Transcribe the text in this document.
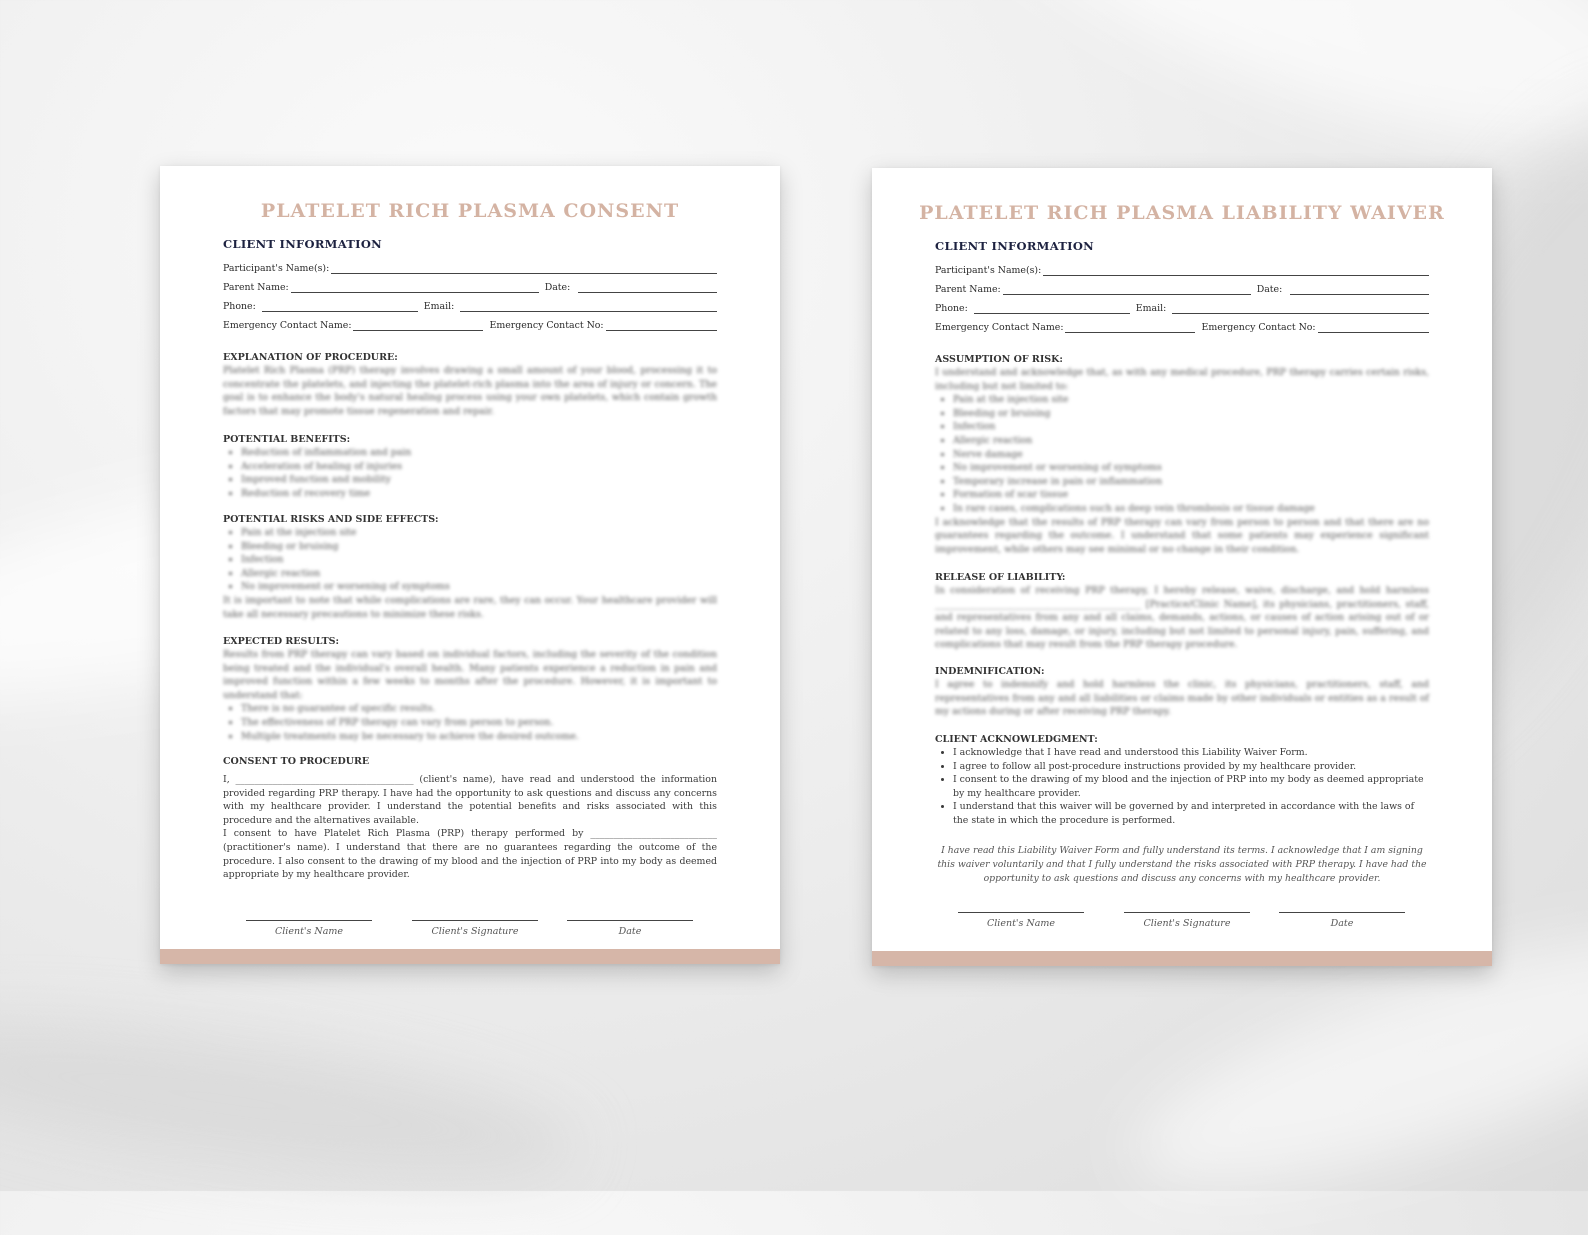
PLATELET RICH PLASMA CONSENT
CLIENT INFORMATION
Participant's Name(s):
Parent Name:	Date:
Phone:	Email:
Emergency Contact Name:	Emergency Contact No:
EXPLANATION OF PROCEDURE:

Platelet Rich Plasma (PRP) therapy involves drawing a small amount of your blood, processing it to concentrate the platelets, and injecting the platelet-rich plasma into the area of injury or concern. The goal is to enhance the body's natural healing process using your own platelets, which contain growth factors that may promote tissue regeneration and repair.

POTENTIAL BENEFITS:
• Reduction of inflammation and pain
• Acceleration of healing of injuries
• Improved function and mobility
• Reduction of recovery time
POTENTIAL RISKS AND SIDE EFFECTS:
• Pain at the injection site
• Bleeding or bruising
• Infection
• Allergic reaction
• No improvement or worsening of symptoms

It is important to note that while complications are rare, they can occur. Your healthcare provider will take all necessary precautions to minimize these risks.

EXPECTED RESULTS:

Results from PRP therapy can vary based on individual factors, including the severity of the condition being treated and the individual's overall health. Many patients experience a reduction in pain and improved function within a few weeks to months after the procedure. However, it is important to understand that:

• There is no guarantee of specific results.
• The effectiveness of PRP therapy can vary from person to person.
• Multiple treatments may be necessary to achieve the desired outcome.
CONSENT TO PROCEDURE

I, ______________________________________ (client's name), have read and understood the information provided regarding PRP therapy. I have had the opportunity to ask questions and discuss any concerns with my healthcare provider. I understand the potential benefits and risks associated with this procedure and the alternatives available.

I consent to have Platelet Rich Plasma (PRP) therapy performed by ___________________________ (practitioner's name). I understand that there are no guarantees regarding the outcome of the procedure. I also consent to the drawing of my blood and the injection of PRP into my body as deemed appropriate by my healthcare provider.

Client's Name	Client's Signature	Date
PLATELET RICH PLASMA LIABILITY WAIVER
CLIENT INFORMATION
Participant's Name(s):
Parent Name:	Date:
Phone:	Email:
Emergency Contact Name:	Emergency Contact No:
ASSUMPTION OF RISK:

I understand and acknowledge that, as with any medical procedure, PRP therapy carries certain risks, including but not limited to:

• Pain at the injection site
• Bleeding or bruising
• Infection
• Allergic reaction
• Nerve damage
• No improvement or worsening of symptoms
• Temporary increase in pain or inflammation
• Formation of scar tissue
• In rare cases, complications such as deep vein thrombosis or tissue damage

I acknowledge that the results of PRP therapy can vary from person to person and that there are no guarantees regarding the outcome. I understand that some patients may experience significant improvement, while others may see minimal or no change in their condition.

RELEASE OF LIABILITY:

In consideration of receiving PRP therapy, I hereby release, waive, discharge, and hold harmless ____________________________________________ [Practice/Clinic Name], its physicians, practitioners, staff, and representatives from any and all claims, demands, actions, or causes of action arising out of or related to any loss, damage, or injury, including but not limited to personal injury, pain, suffering, and complications that may result from the PRP therapy procedure.

INDEMNIFICATION:

I agree to indemnify and hold harmless the clinic, its physicians, practitioners, staff, and representatives from any and all liabilities or claims made by other individuals or entities as a result of my actions during or after receiving PRP therapy.

CLIENT ACKNOWLEDGMENT:
• I acknowledge that I have read and understood this Liability Waiver Form.
• I agree to follow all post-procedure instructions provided by my healthcare provider.
• I consent to the drawing of my blood and the injection of PRP into my body as deemed appropriate by my healthcare provider.
• I understand that this waiver will be governed by and interpreted in accordance with the laws of the state in which the procedure is performed.
I have read this Liability Waiver Form and fully understand its terms. I acknowledge that I am signing this waiver voluntarily and that I fully understand the risks associated with PRP therapy. I have had the opportunity to ask questions and discuss any concerns with my healthcare provider.
Client's Name	Client's Signature	Date
